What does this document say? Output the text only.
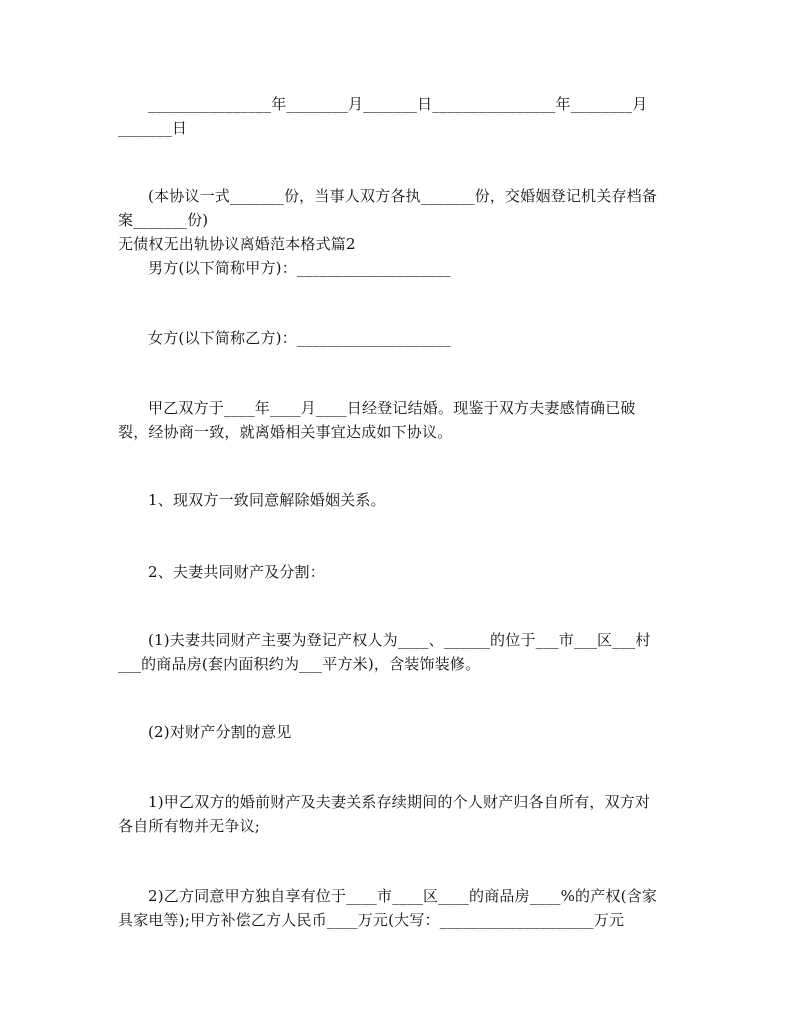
________________年________月_______日________________年________月
_______日
(本协议一式_______份，当事人双方各执_______份，交婚姻登记机关存档备
案_______份)
无债权无出轨协议离婚范本格式篇2
男方(以下简称甲方)：____________________
女方(以下简称乙方)：____________________
甲乙双方于____年____月____日经登记结婚。现鉴于双方夫妻感情确已破
裂，经协商一致，就离婚相关事宜达成如下协议。
1、现双方一致同意解除婚姻关系。
2、夫妻共同财产及分割：
(1)夫妻共同财产主要为登记产权人为____、______的位于___市___区___村
___的商品房(套内面积约为___平方米)，含装饰装修。
(2)对财产分割的意见
1)甲乙双方的婚前财产及夫妻关系存续期间的个人财产归各自所有，双方对
各自所有物并无争议;
2)乙方同意甲方独自享有位于____市____区____的商品房____%的产权(含家
具家电等);甲方补偿乙方人民币____万元(大写：____________________万元
